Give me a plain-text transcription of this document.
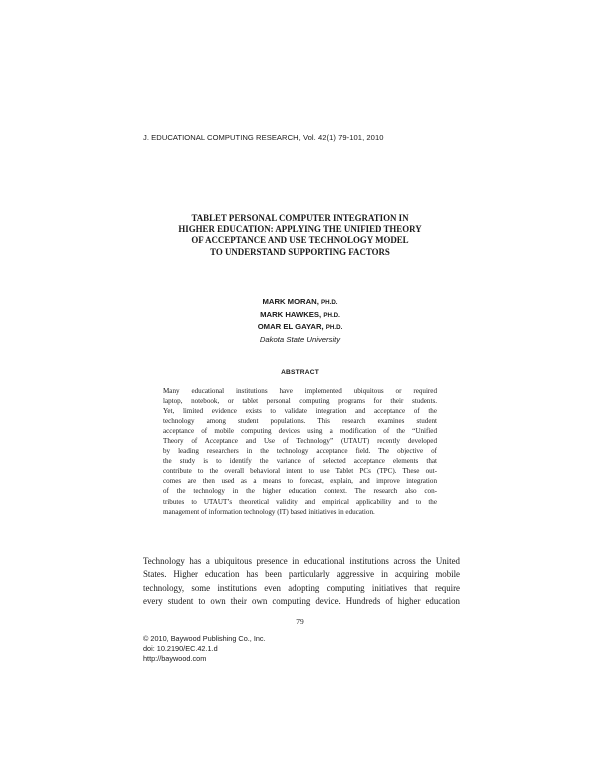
J. EDUCATIONAL COMPUTING RESEARCH, Vol. 42(1) 79-101, 2010
TABLET PERSONAL COMPUTER INTEGRATION IN
HIGHER EDUCATION: APPLYING THE UNIFIED THEORY
OF ACCEPTANCE AND USE TECHNOLOGY MODEL
TO UNDERSTAND SUPPORTING FACTORS
MARK MORAN, PH.D.
MARK HAWKES, PH.D.
OMAR EL GAYAR, PH.D.
Dakota State University
ABSTRACT
Many educational institutions have implemented ubiquitous or required
laptop, notebook, or tablet personal computing programs for their students.
Yet, limited evidence exists to validate integration and acceptance of the
technology among student populations. This research examines student
acceptance of mobile computing devices using a modification of the “Unified
Theory of Acceptance and Use of Technology” (UTAUT) recently developed
by leading researchers in the technology acceptance field. The objective of
the study is to identify the variance of selected acceptance elements that
contribute to the overall behavioral intent to use Tablet PCs (TPC). These out-
comes are then used as a means to forecast, explain, and improve integration
of the technology in the higher education context. The research also con-
tributes to UTAUT’s theoretical validity and empirical applicability and to the
management of information technology (IT) based initiatives in education.
Technology has a ubiquitous presence in educational institutions across the United
States. Higher education has been particularly aggressive in acquiring mobile
technology, some institutions even adopting computing initiatives that require
every student to own their own computing device. Hundreds of higher education
79
© 2010, Baywood Publishing Co., Inc.
doi: 10.2190/EC.42.1.d
http://baywood.com
